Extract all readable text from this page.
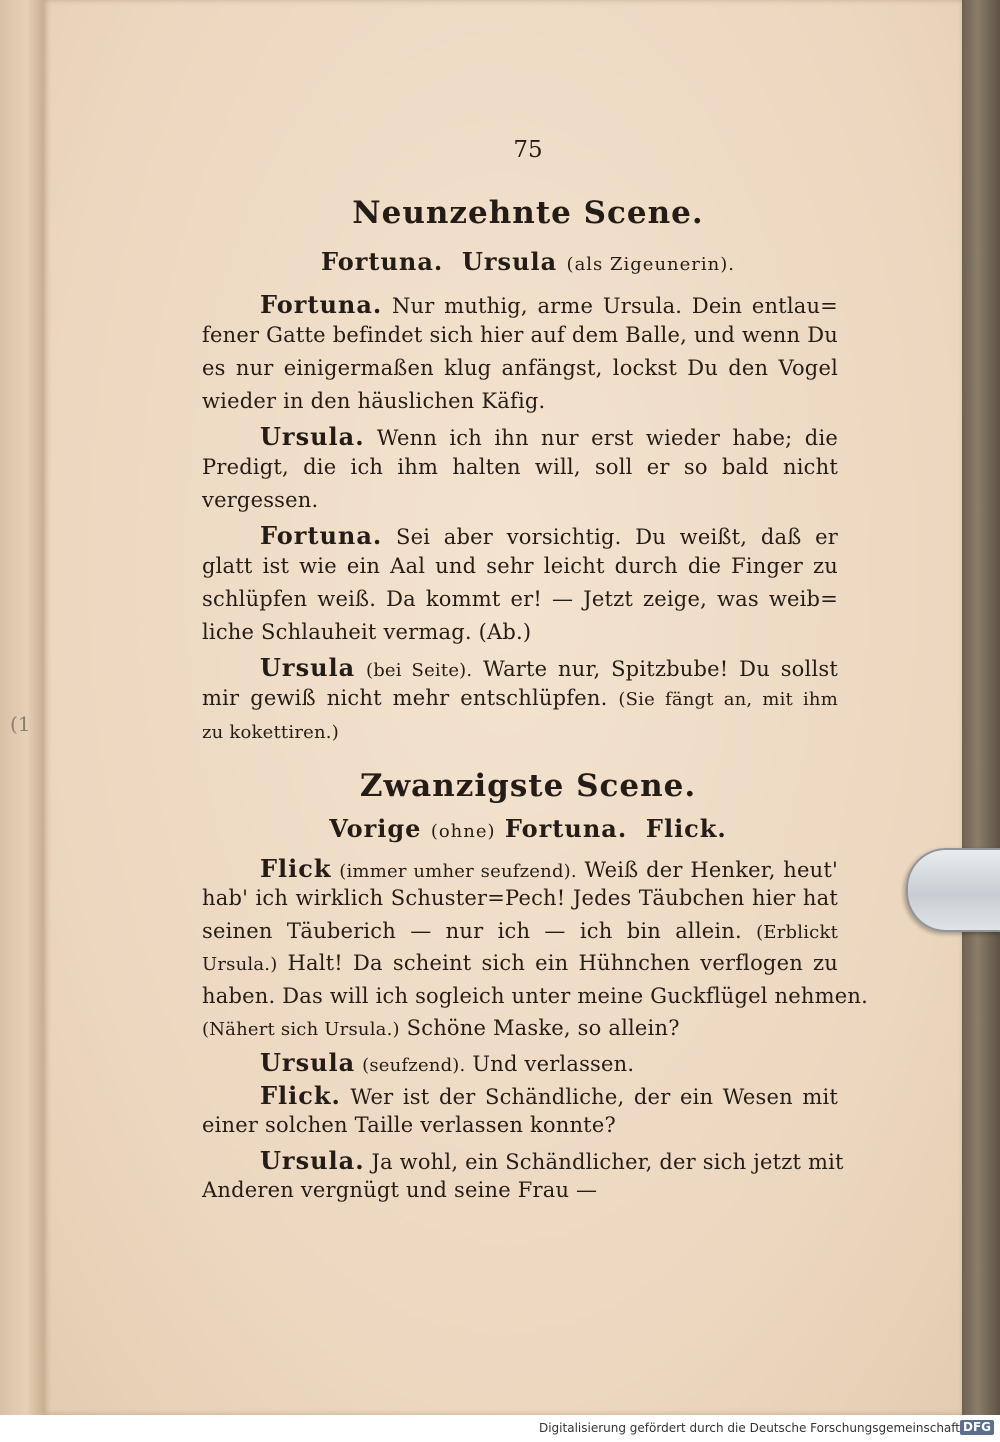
(1
75
Neunzehnte Scene.
Fortuna. Ursula (als Zigeunerin).
Fortuna. Nur muthig, arme Ursula. Dein entlau=
fener Gatte befindet sich hier auf dem Balle, und wenn Du
es nur einigermaßen klug anfängst, lockst Du den Vogel
wieder in den häuslichen Käfig.
Ursula. Wenn ich ihn nur erst wieder habe; die
Predigt, die ich ihm halten will, soll er so bald nicht
vergessen.
Fortuna. Sei aber vorsichtig. Du weißt, daß er
glatt ist wie ein Aal und sehr leicht durch die Finger zu
schlüpfen weiß. Da kommt er! — Jetzt zeige, was weib=
liche Schlauheit vermag. (Ab.)
Ursula (bei Seite). Warte nur, Spitzbube! Du sollst
mir gewiß nicht mehr entschlüpfen. (Sie fängt an, mit ihm
zu kokettiren.)
Zwanzigste Scene.
Vorige (ohne) Fortuna. Flick.
Flick (immer umher seufzend). Weiß der Henker, heut'
hab' ich wirklich Schuster=Pech! Jedes Täubchen hier hat
seinen Täuberich — nur ich — ich bin allein. (Erblickt
Ursula.) Halt! Da scheint sich ein Hühnchen verflogen zu
haben. Das will ich sogleich unter meine Guckflügel nehmen.
(Nähert sich Ursula.) Schöne Maske, so allein?
Ursula (seufzend). Und verlassen.
Flick. Wer ist der Schändliche, der ein Wesen mit
einer solchen Taille verlassen konnte?
Ursula. Ja wohl, ein Schändlicher, der sich jetzt mit
Anderen vergnügt und seine Frau —
Digitalisierung gefördert durch die Deutsche Forschungsgemeinschaft DFG
